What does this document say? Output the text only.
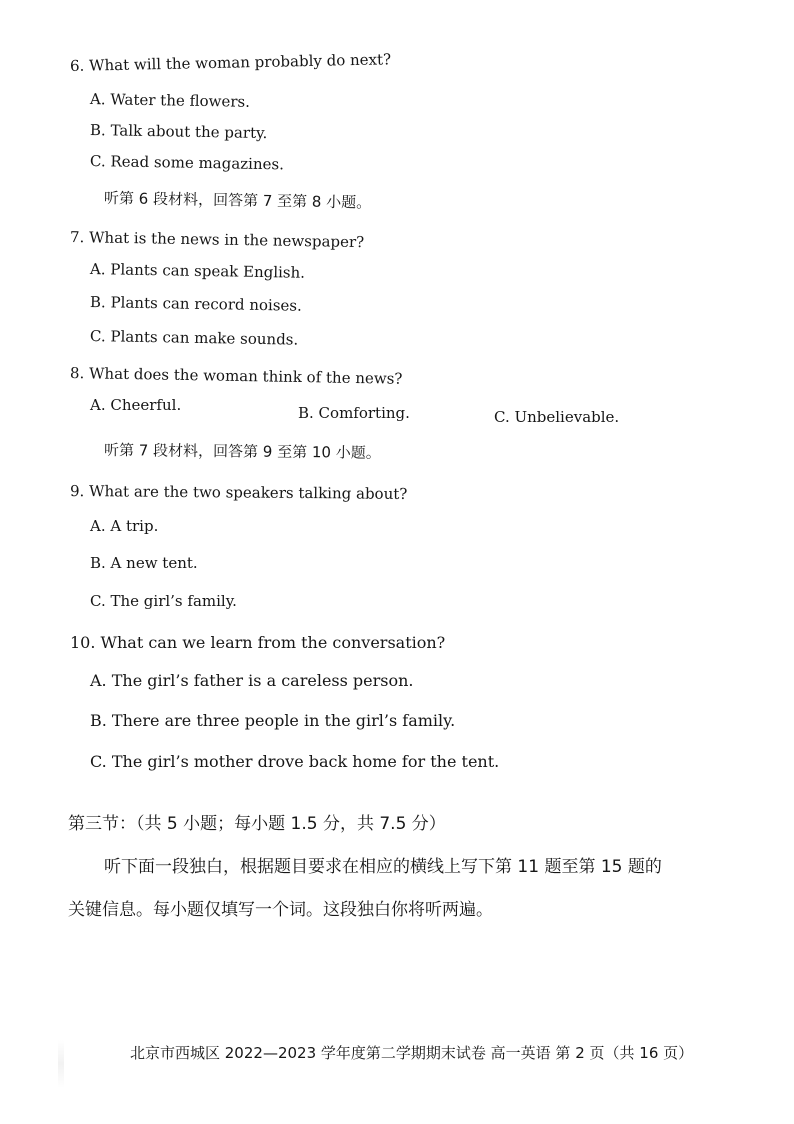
6. What will the woman probably do next?
A. Water the flowers.
B. Talk about the party.
C. Read some magazines.
听第 6 段材料，回答第 7 至第 8 小题。
7. What is the news in the newspaper?
A. Plants can speak English.
B. Plants can record noises.
C. Plants can make sounds.
8. What does the woman think of the news?
A. Cheerful.	B. Comforting.	C. Unbelievable.
听第 7 段材料，回答第 9 至第 10 小题。
9. What are the two speakers talking about?
A. A trip.
B. A new tent.
C. The girl’s family.
10. What can we learn from the conversation?
A. The girl’s father is a careless person.
B. There are three people in the girl’s family.
C. The girl’s mother drove back home for the tent.
第三节：（共 5 小题；每小题 1.5 分，共 7.5 分）
听下面一段独白，根据题目要求在相应的横线上写下第 11 题至第 15 题的
关键信息。每小题仅填写一个词。这段独白你将听两遍。
北京市西城区 2022—2023 学年度第二学期期末试卷 高一英语 第 2 页（共 16 页）
